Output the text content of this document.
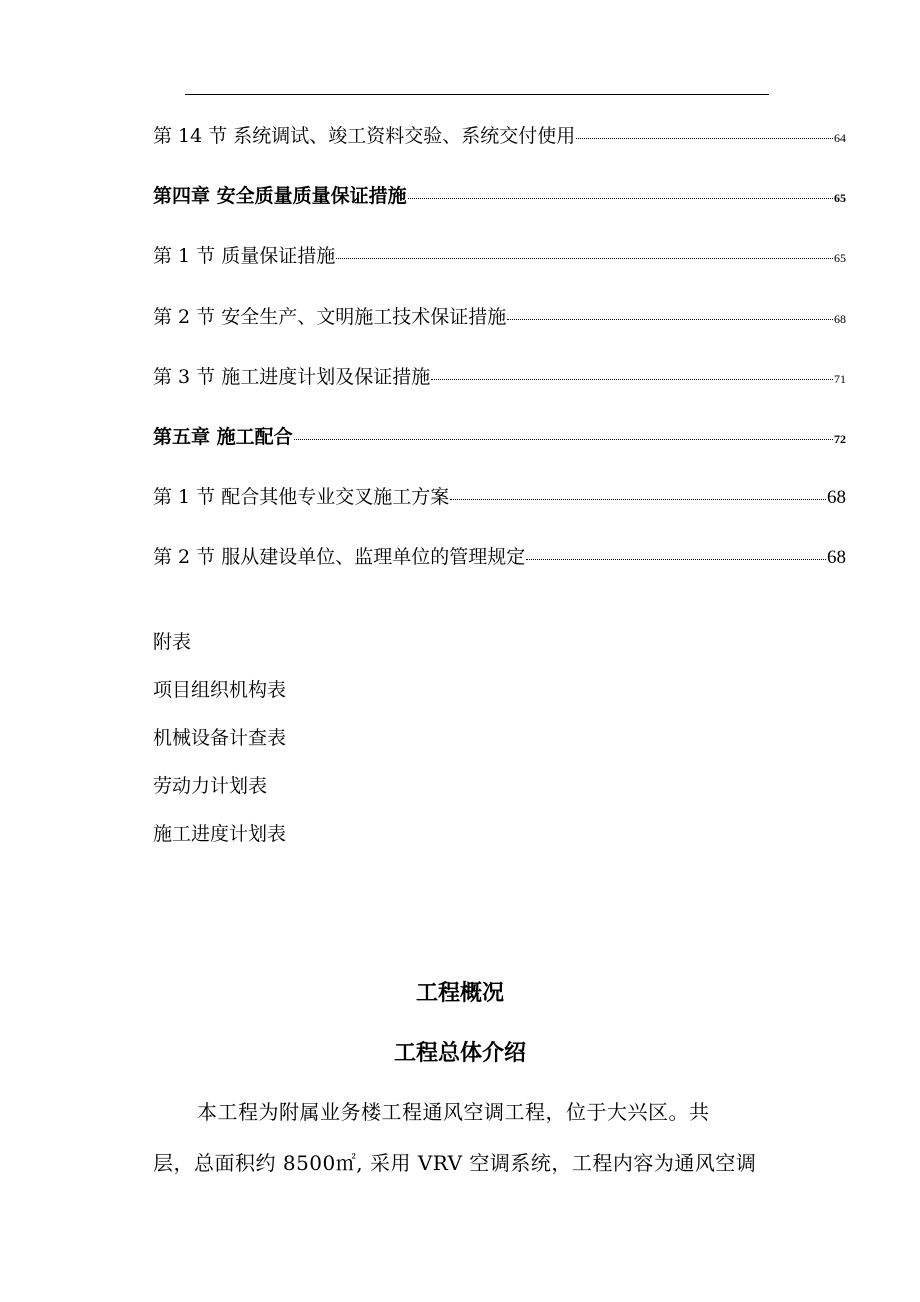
第 14 节 系统调试、竣工资料交验、系统交付使用	64
第四章 安全质量质量保证措施	65
第 1 节 质量保证措施	65
第 2 节 安全生产、文明施工技术保证措施	68
第 3 节 施工进度计划及保证措施	71
第五章 施工配合	72
第 1 节 配合其他专业交叉施工方案	68
第 2 节 服从建设单位、监理单位的管理规定	68
附表
项目组织机构表
机械设备计查表
劳动力计划表
施工进度计划表
工程概况
工程总体介绍
本工程为附属业务楼工程通风空调工程，位于大兴区。共
层，总面积约 8500㎡, 采用 VRV 空调系统，工程内容为通风空调
